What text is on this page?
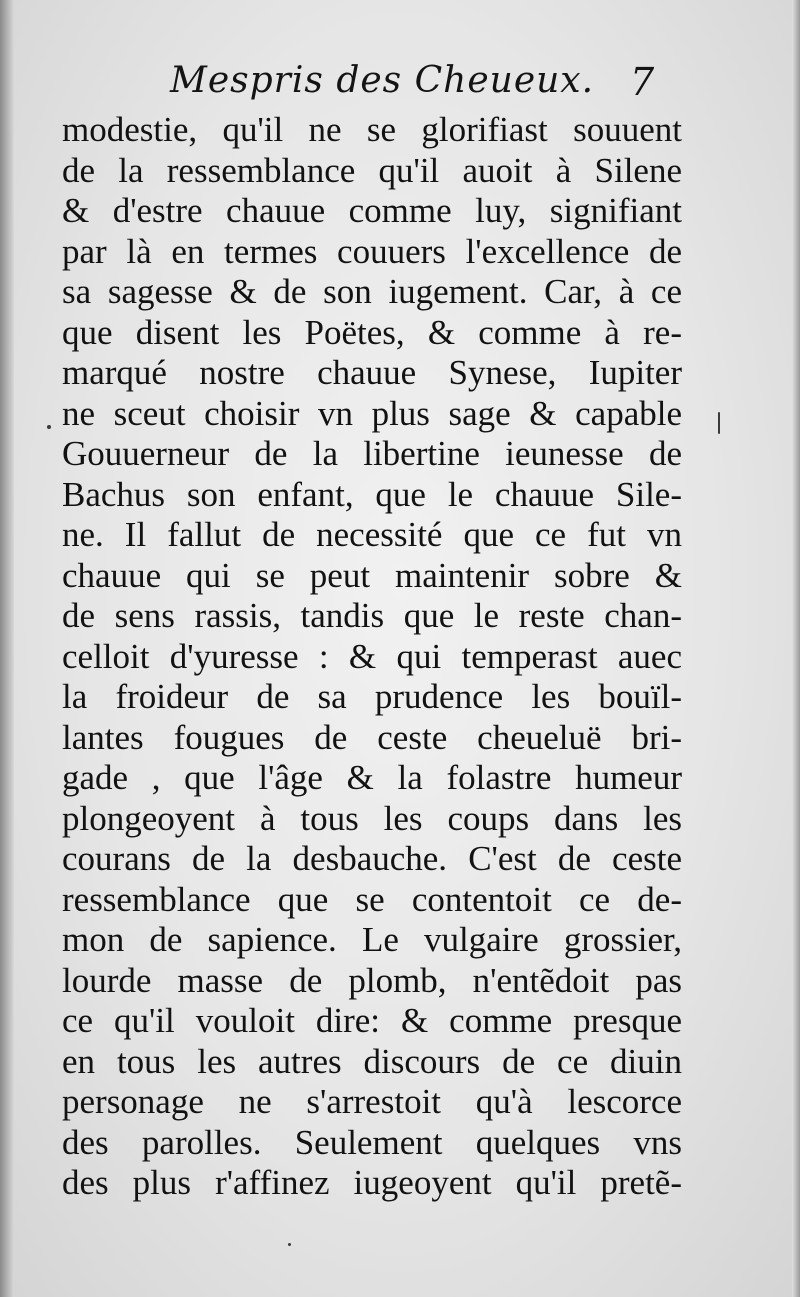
Mespris des Cheueux. 7
modestie, qu'il ne se glorifiast souuent
de la ressemblance qu'il auoit à Silene
& d'estre chauue comme luy, signifiant
par là en termes couuers l'excellence de
sa sagesse & de son iugement. Car, à ce
que disent les Poëtes, & comme à re-
marqué nostre chauue Synese, Iupiter
ne sceut choisir vn plus sage & capable
Gouuerneur de la libertine ieunesse de
Bachus son enfant, que le chauue Sile-
ne. Il fallut de necessité que ce fut vn
chauue qui se peut maintenir sobre &
de sens rassis, tandis que le reste chan-
celloit d'yuresse : & qui temperast auec
la froideur de sa prudence les bouïl-
lantes fougues de ceste cheueluë bri-
gade , que l'âge & la folastre humeur
plongeoyent à tous les coups dans les
courans de la desbauche. C'est de ceste
ressemblance que se contentoit ce de-
mon de sapience. Le vulgaire grossier,
lourde masse de plomb, n'entẽdoit pas
ce qu'il vouloit dire: & comme presque
en tous les autres discours de ce diuin
personage ne s'arrestoit qu'à lescorce
des parolles. Seulement quelques vns
des plus r'affinez iugeoyent qu'il pretẽ-
